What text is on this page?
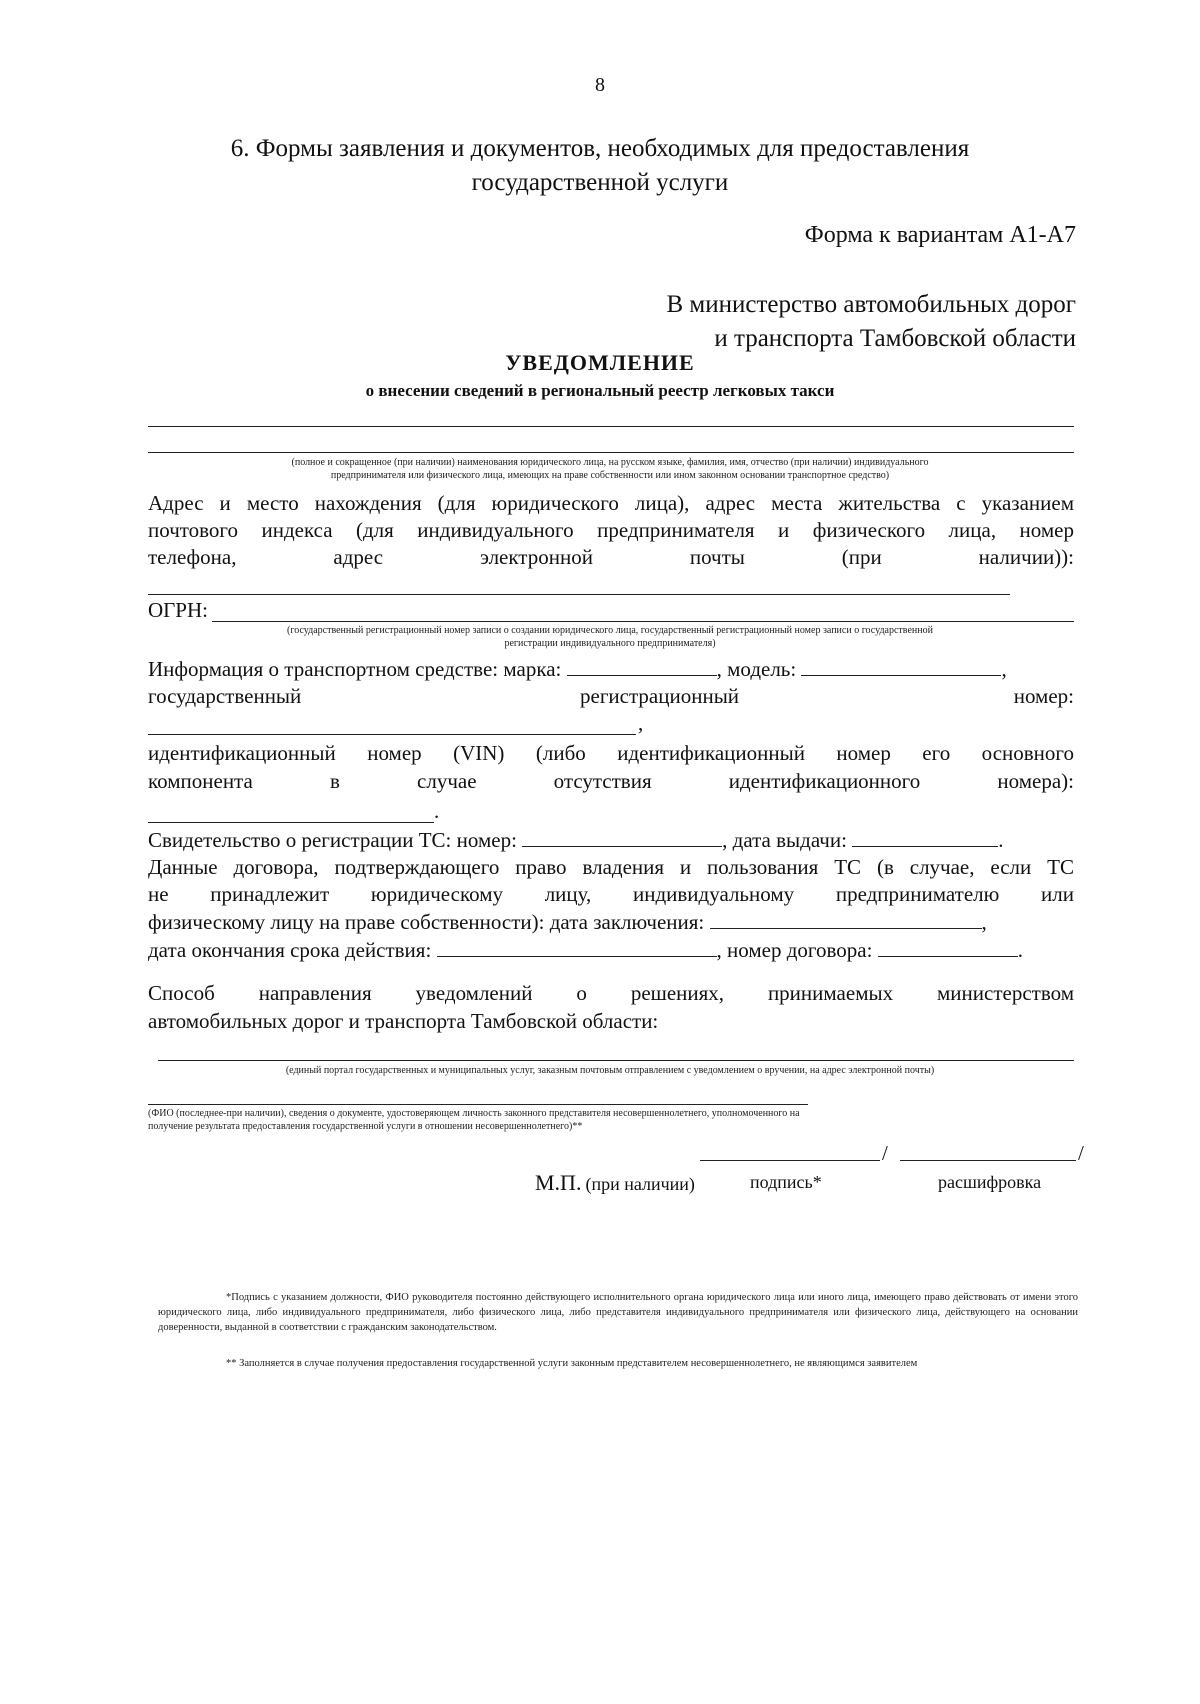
8
6. Формы заявления и документов, необходимых для предоставления
государственной услуги
Форма к вариантам А1-А7
В министерство автомобильных дорог
и транспорта Тамбовской области
УВЕДОМЛЕНИЕ
о внесении сведений в региональный реестр легковых такси
(полное и сокращенное (при наличии) наименования юридического лица, на русском языке, фамилия, имя, отчество (при наличии) индивидуального
предпринимателя или физического лица, имеющих на праве собственности или ином законном основании транспортное средство)
Адрес и место нахождения (для юридического лица), адрес места жительства с указанием
почтового индекса (для индивидуального предпринимателя и физического лица, номер
телефона, адрес электронной почты (при наличии)):
ОГРН:
(государственный регистрационный номер записи о создании юридического лица, государственный регистрационный номер записи о государственной
регистрации индивидуального предпринимателя)
Информация о транспортном средстве: марка:	, модель:	,
государственный	регистрационный	номер:
,
идентификационный номер (VIN) (либо идентификационный номер его основного
компонента в случае отсутствия идентификационного номера):
.
Свидетельство о регистрации ТС: номер:	, дата выдачи:	.
Данные договора, подтверждающего право владения и пользования ТС (в случае, если ТС
не принадлежит юридическому лицу, индивидуальному предпринимателю или
физическому лицу на праве собственности): дата заключения:	,
дата окончания срока действия:	, номер договора:	.
Способ направления уведомлений о решениях, принимаемых министерством
автомобильных дорог и транспорта Тамбовской области:
(единый портал государственных и муниципальных услуг, заказным почтовым отправлением с уведомлением о вручении, на адрес электронной почты)
(ФИО (последнее-при наличии), сведения о документе, удостоверяющем личность законного представителя несовершеннолетнего, уполномоченного на
получение результата предоставления государственной услуги в отношении несовершеннолетнего)**
/	/
М.П. (при наличии)	подпись*	расшифровка
*Подпись с указанием должности, ФИО руководителя постоянно действующего исполнительного органа юридического лица или иного лица, имеющего право действовать от имени этого юридического лица, либо индивидуального предпринимателя, либо физического лица, либо представителя индивидуального предпринимателя или физического лица, действующего на основании доверенности, выданной в соответствии с гражданским законодательством.
** Заполняется в случае получения предоставления государственной услуги законным представителем несовершеннолетнего, не являющимся заявителем
